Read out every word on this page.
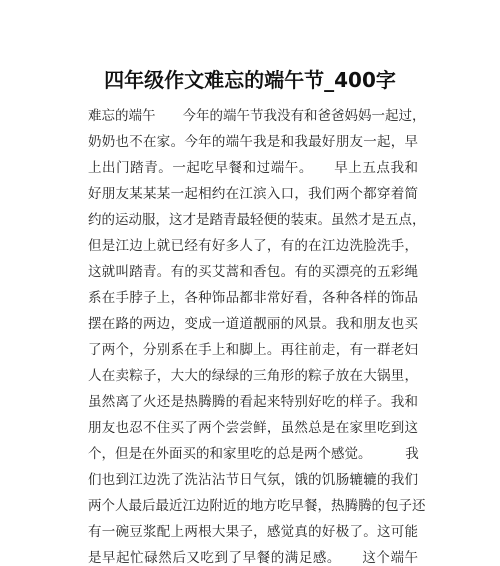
四年级作文难忘的端午节_400字
难忘的端午　　今年的端午节我没有和爸爸妈妈一起过，
奶奶也不在家。今年的端午我是和我最好朋友一起，早
上出门踏青。一起吃早餐和过端午。　　早上五点我和
好朋友某某某一起相约在江滨入口，我们两个都穿着简
约的运动服，这才是踏青最轻便的装束。虽然才是五点，
但是江边上就已经有好多人了，有的在江边洗脸洗手，
这就叫踏青。有的买艾蒿和香包。有的买漂亮的五彩绳
系在手脖子上，各种饰品都非常好看，各种各样的饰品
摆在路的两边，变成一道道靓丽的风景。我和朋友也买
了两个，分别系在手上和脚上。再往前走，有一群老妇
人在卖粽子，大大的绿绿的三角形的粽子放在大锅里，
虽然离了火还是热腾腾的看起来特别好吃的样子。我和
朋友也忍不住买了两个尝尝鲜，虽然总是在家里吃到这
个，但是在外面买的和家里吃的总是两个感觉。　　　我
们也到江边洗了洗沾沾节日气氛，饿的饥肠辘辘的我们
两个人最后最近江边附近的地方吃早餐，热腾腾的包子还
有一碗豆浆配上两根大果子，感觉真的好极了。这可能
是早起忙碌然后又吃到了早餐的满足感。　　这个端午
